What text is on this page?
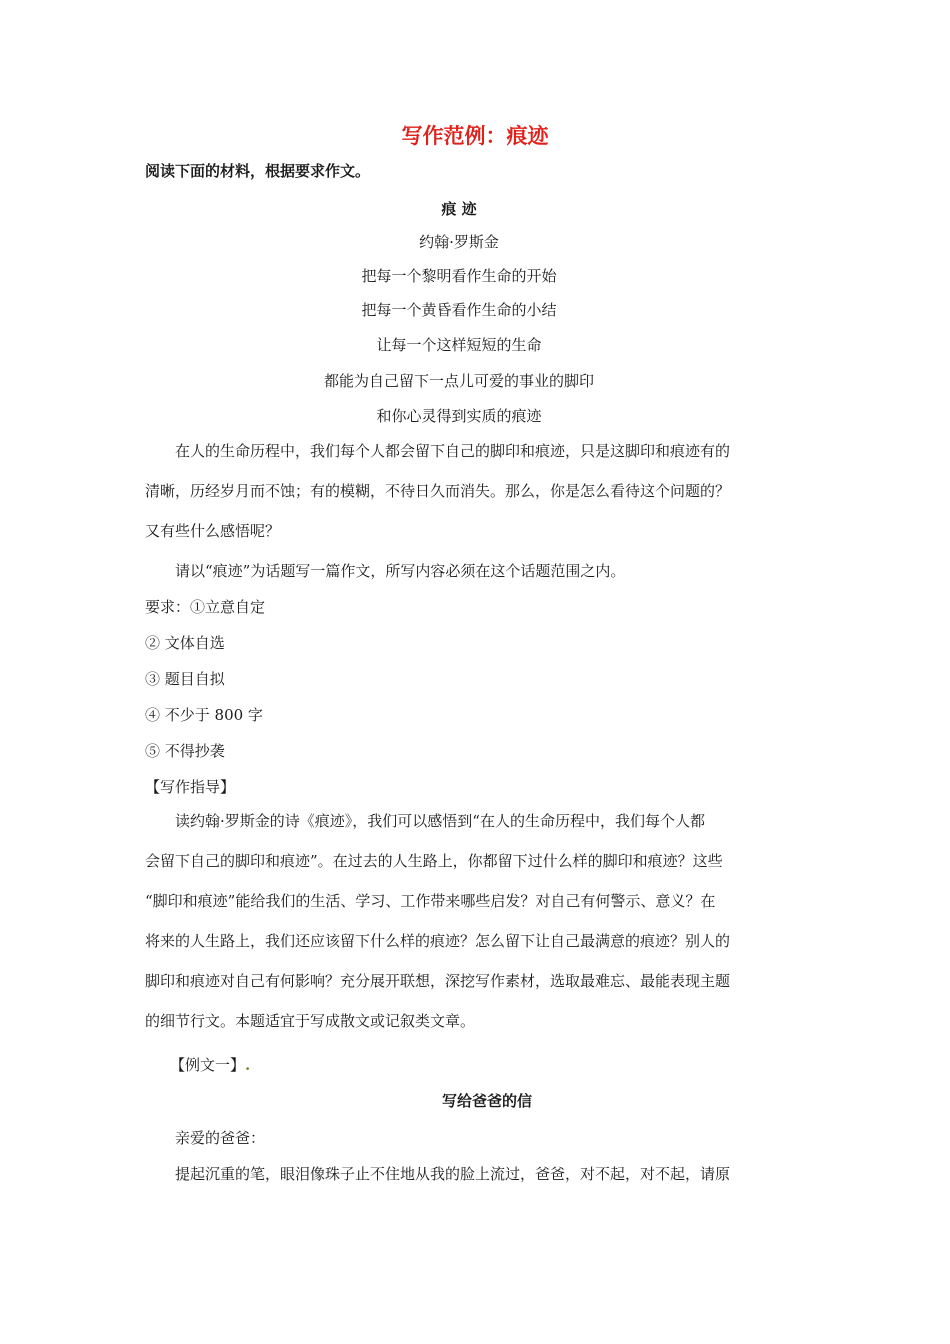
写作范例：痕迹
阅读下面的材料，根据要求作文。
痕 迹
约翰·罗斯金
把每一个黎明看作生命的开始
把每一个黄昏看作生命的小结
让每一个这样短短的生命
都能为自己留下一点儿可爱的事业的脚印
和你心灵得到实质的痕迹
在人的生命历程中，我们每个人都会留下自己的脚印和痕迹，只是这脚印和痕迹有的
清晰，历经岁月而不蚀；有的模糊，不待日久而消失。那么，你是怎么看待这个问题的？
又有些什么感悟呢？
请以“痕迹”为话题写一篇作文，所写内容必须在这个话题范围之内。
要求：①立意自定
② 文体自选
③ 题目自拟
④ 不少于 800 字
⑤ 不得抄袭
【写作指导】
读约翰·罗斯金的诗《痕迹》，我们可以感悟到“在人的生命历程中，我们每个人都
会留下自己的脚印和痕迹”。在过去的人生路上，你都留下过什么样的脚印和痕迹？这些
“脚印和痕迹”能给我们的生活、学习、工作带来哪些启发？对自己有何警示、意义？在
将来的人生路上，我们还应该留下什么样的痕迹？怎么留下让自己最满意的痕迹？别人的
脚印和痕迹对自己有何影响？充分展开联想，深挖写作素材，选取最难忘、最能表现主题
的细节行文。本题适宜于写成散文或记叙类文章。
【例文一】.
写给爸爸的信
亲爱的爸爸：
提起沉重的笔，眼泪像珠子止不住地从我的脸上流过，爸爸，对不起，对不起，请原
